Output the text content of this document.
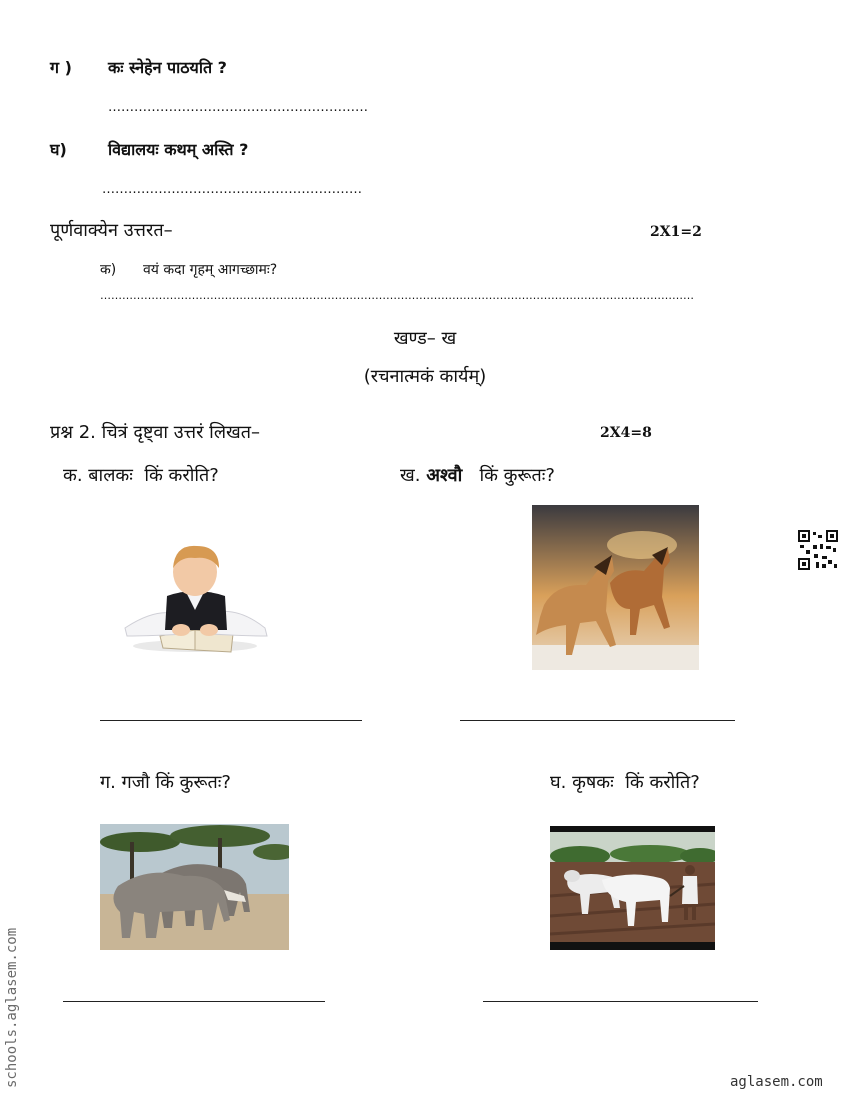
ग ) कः स्नेहेन पाठयति ?
……………………………………………………
घ)	विद्यालयः कथम् अस्ति ?
……………………………………………………
पूर्णवाक्येन उत्तरत–	2X1=2
क) वयं कदा गृहम् आगच्छामः?
………………………………………………………………………………………………………………………………………………
खण्ड– ख
(रचनात्मकं कार्यम्)
प्रश्न 2. चित्रं दृष्ट्वा उत्तरं लिखत–	2X4=8
क. बालकः किं करोति?	ख. अश्वौ किं कुरूतः?
ग. गजौ किं कुरूतः?	घ. कृषकः किं करोति?
schools.aglasem.com	aglasem.com
